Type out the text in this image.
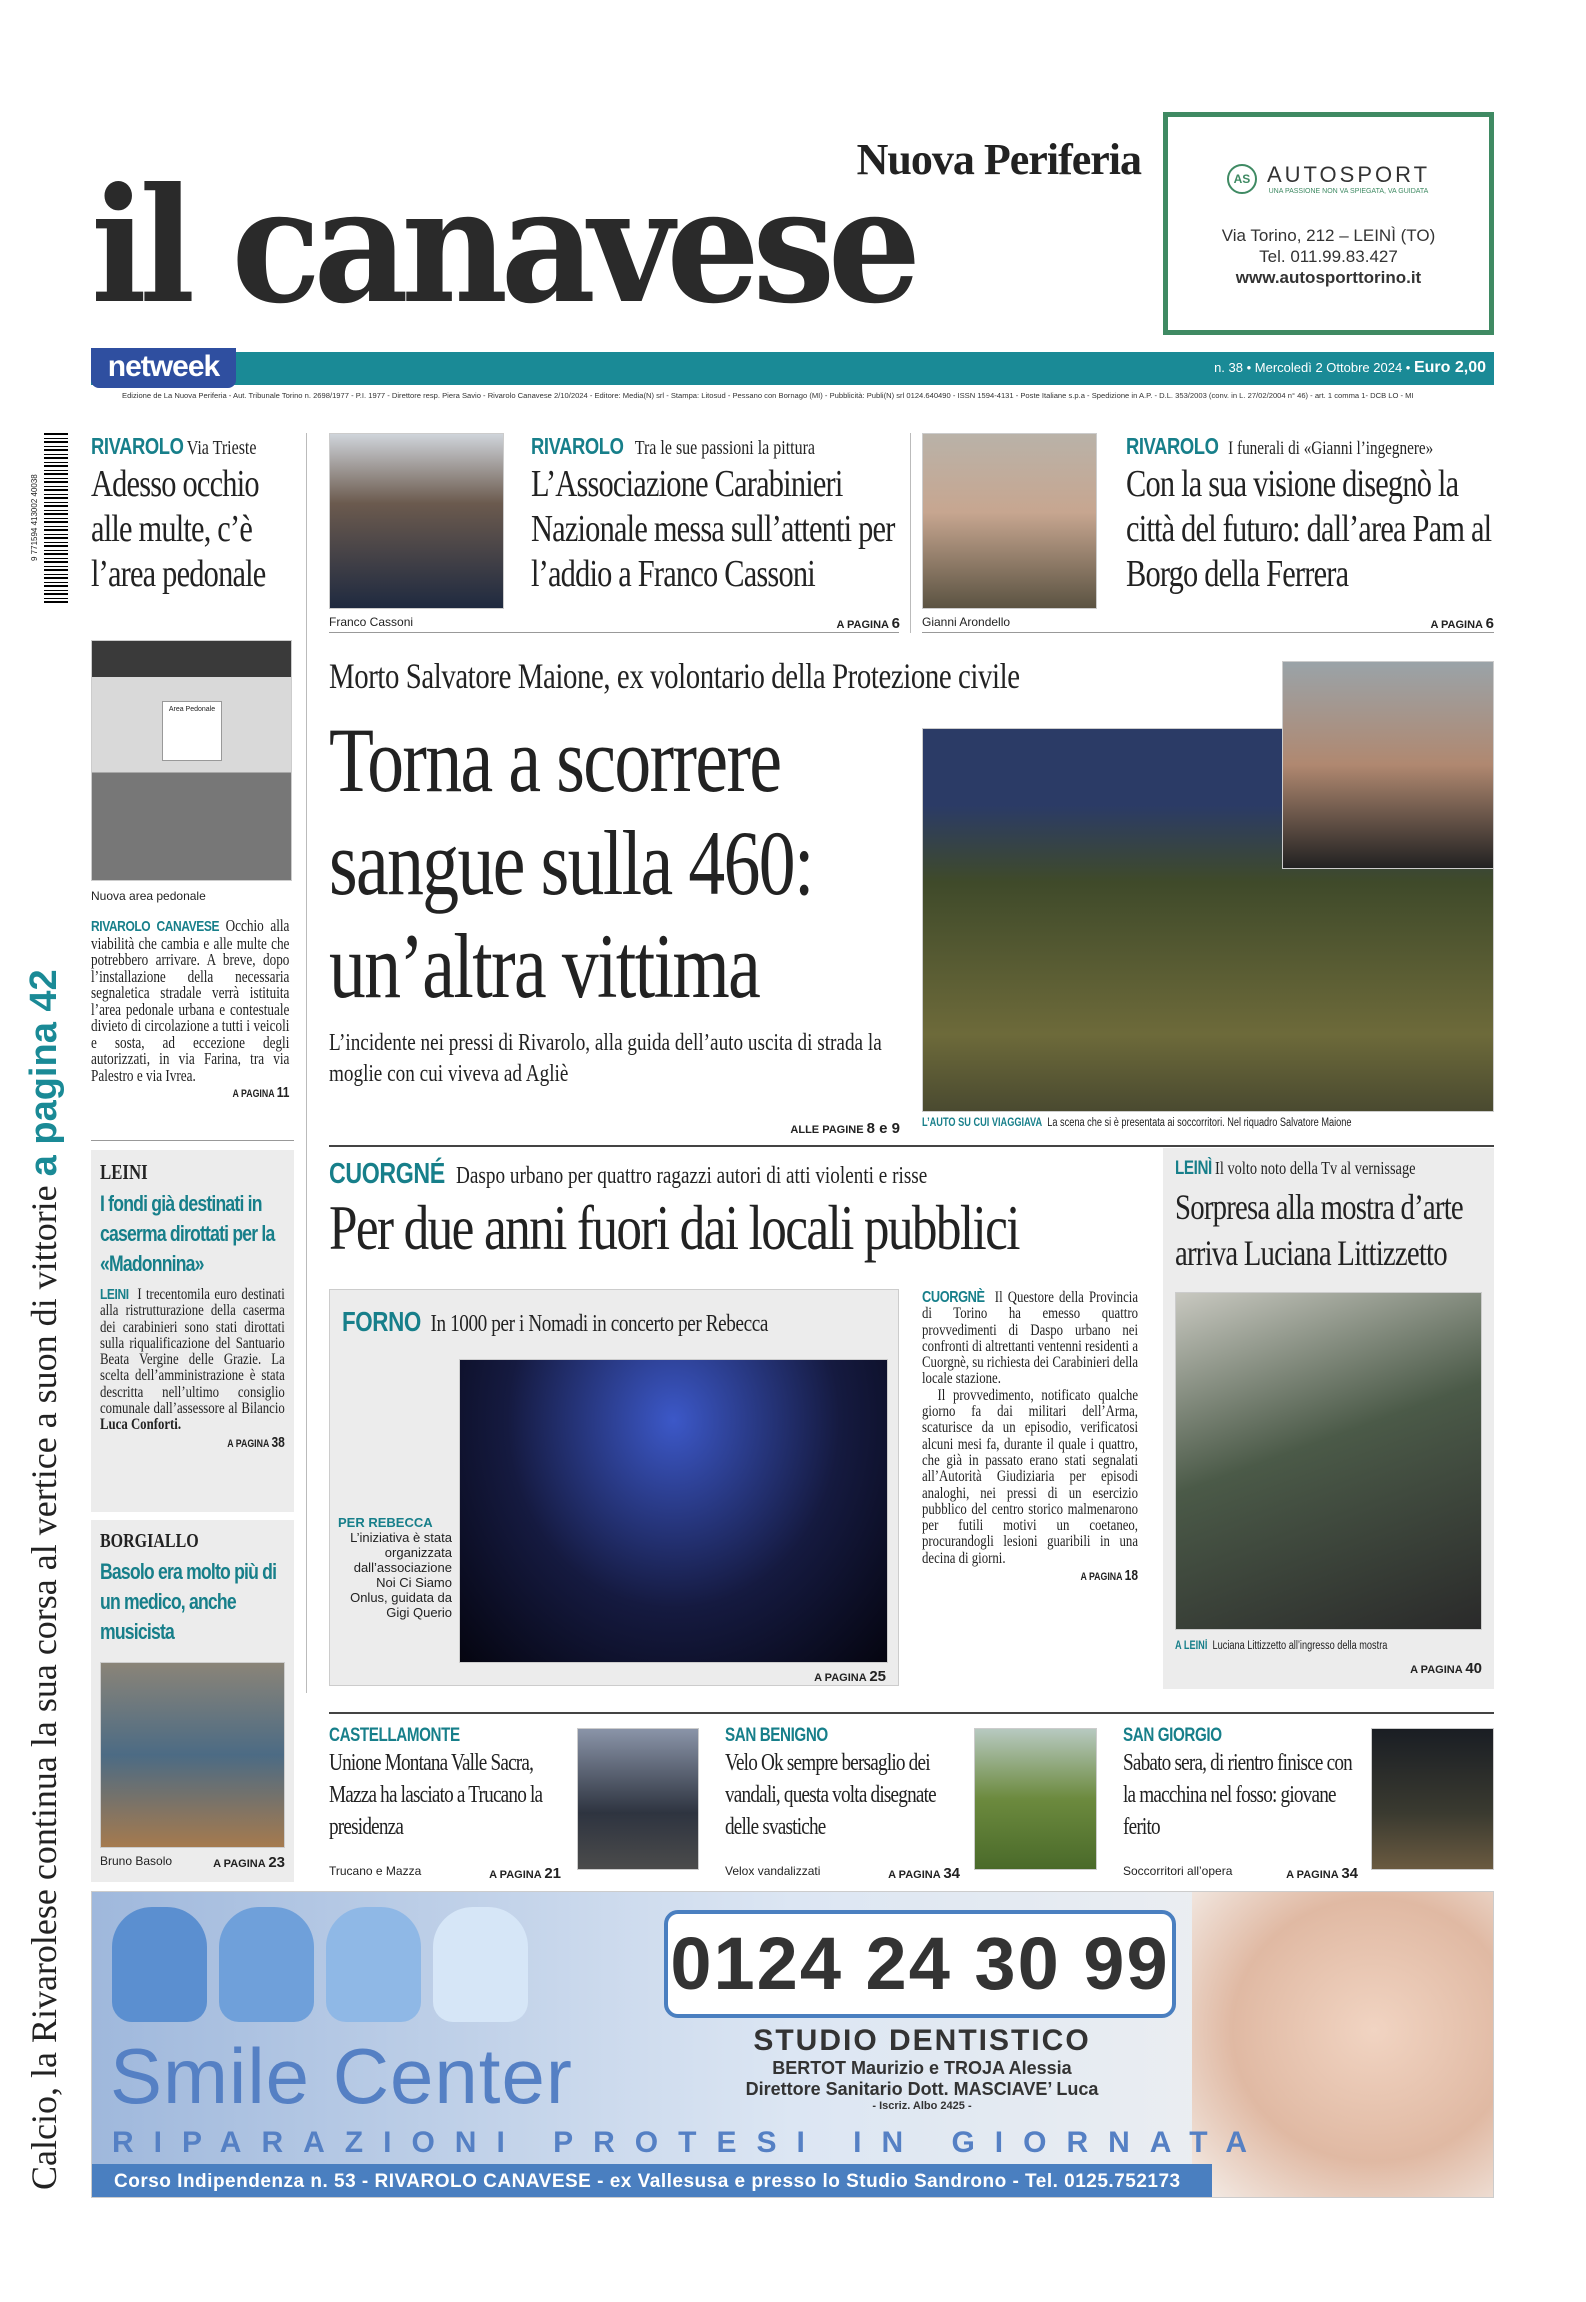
Nuova Periferia
il canavese	AS AUTOSPORT
UNA PASSIONE NON VA SPIEGATA, VA GUIDATA
Via Torino, 212 – LEINÌ (TO)
Tel. 011.99.83.427
www.autosporttorino.it
netweek	n. 38 • Mercoledì 2 Ottobre 2024 • Euro 2,00
Edizione de La Nuova Periferia - Aut. Tribunale Torino n. 2698/1977 - P.I. 1977 - Direttore resp. Piera Savio - Rivarolo Canavese 2/10/2024 - Editore: Media(N) srl - Stampa: Litosud - Pessano con Bornago (MI) - Pubblicità: Publi(N) srl 0124.640490 - ISSN 1594-4131 - Poste Italiane s.p.a - Spedizione in A.P. - D.L. 353/2003 (conv. in L. 27/02/2004 n° 46) - art. 1 comma 1- DCB LO - MI
9 771594 413002 40038
Calcio, la Rivarolese continua la sua corsa al vertice a suon di vittorie a pagina 42
RIVAROLO Via Trieste
Adesso occhio alle multe, c’è l’area pedonale
Franco Cassoni
RIVAROLO Tra le sue passioni la pittura
L’Associazione Carabinieri Nazionale messa sull’attenti per l’addio a Franco Cassoni
A PAGINA 6 Gianni Arondello
RIVAROLO I funerali di «Gianni l’ingegnere»
Con la sua visione disegnò la città del futuro: dall’area Pam al Borgo della Ferrera
A PAGINA 6
Area Pedonale
Nuova area pedonale
RIVAROLO CANAVESE Occhio alla viabilità che cambia e alle multe che potrebbero arrivare. A breve, dopo l’installazione della necessaria segnaletica stradale verrà istituita l’area pedonale urbana e contestuale divieto di circolazione a tutti i veicoli e sosta, ad eccezione degli autorizzati, in via Farina, tra via Palestro e via Ivrea.
A PAGINA 11
Morto Salvatore Maione, ex volontario della Protezione civile
Torna a scorrere sangue sulla 460: un’altra vittima
L’incidente nei pressi di Rivarolo, alla guida dell’auto uscita di strada la moglie con cui viveva ad Agliè
ALLE PAGINE 8 e 9 L’AUTO SU CUI VIAGGIAVA La scena che si è presentata ai soccorritori. Nel riquadro Salvatore Maione
LEINI
I fondi già destinati in caserma dirottati per la «Madonnina»
LEINI I trecentomila euro destinati alla ristrutturazione della caserma dei carabinieri sono stati dirottati sulla riqualificazione del Santuario Beata Vergine delle Grazie. La scelta dell’amministrazione è stata descritta nell’ultimo consiglio comunale dall’assessore al Bilancio Luca Conforti.
A PAGINA 38
BORGIALLO
Basolo era molto più di un medico, anche musicista
Bruno Basolo	A PAGINA 23
CUORGNÉ Daspo urbano per quattro ragazzi autori di atti violenti e risse
Per due anni fuori dai locali pubblici
CUORGNÈ Il Questore della Provincia di Torino ha emesso quattro provvedimenti di Daspo urbano nei confronti di altrettanti ventenni residenti a Cuorgnè, su richiesta dei Carabinieri della locale stazione.
Il provvedimento, notificato qualche giorno fa dai militari dell’Arma, scaturisce da un episodio, verificatosi alcuni mesi fa, durante il quale i quattro, che già in passato erano stati segnalati all’Autorità Giudiziaria per episodi analoghi, nei pressi di un esercizio pubblico del centro storico malmenarono per futili motivi un coetaneo, procurandogli lesioni guaribili in una decina di giorni.
A PAGINA 18
FORNO In 1000 per i Nomadi in concerto per Rebecca
PER REBECCA
L’iniziativa è stata organizzata dall’associazione Noi Ci Siamo Onlus, guidata da Gigi Querio
A PAGINA 25
LEINÌ Il volto noto della Tv al vernissage
Sorpresa alla mostra d’arte arriva Luciana Littizzetto
A LEINÌ Luciana Littizzetto all’ingresso della mostra
A PAGINA 40
CASTELLAMONTE
Unione Montana Valle Sacra, Mazza ha lasciato a Trucano la presidenza
Trucano e Mazza	A PAGINA 21
SAN BENIGNO
Velo Ok sempre bersaglio dei vandali, questa volta disegnate delle svastiche
Velox vandalizzati	A PAGINA 34
SAN GIORGIO
Sabato sera, di rientro finisce con la macchina nel fosso: giovane ferito
Soccorritori all’opera	A PAGINA 34
Smile Center
0124 24 30 99
STUDIO DENTISTICO
BERTOT Maurizio e TROJA Alessia
Direttore Sanitario Dott. MASCIAVE’ Luca
- Iscriz. Albo 2425 -
RIPARAZIONI PROTESI IN GIORNATA
Corso Indipendenza n. 53 - RIVAROLO CANAVESE - ex Vallesusa e presso lo Studio Sandrono - Tel. 0125.752173
